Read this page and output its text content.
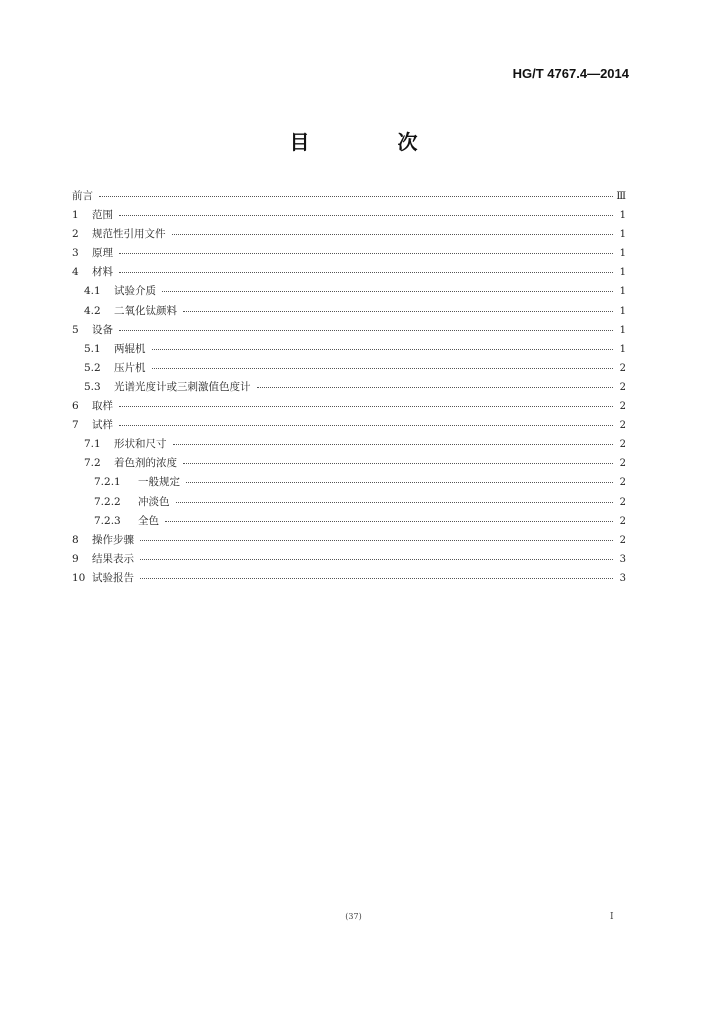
HG/T 4767.4—2014
目　次
前言	Ⅲ
1	范围	1
2	规范性引用文件	1
3	原理	1
4	材料	1
4.1	试验介质	1
4.2	二氧化钛颜料	1
5	设备	1
5.1	两辊机	1
5.2	压片机	2
5.3	光谱光度计或三刺激值色度计	2
6	取样	2
7	试样	2
7.1	形状和尺寸	2
7.2	着色剂的浓度	2
7.2.1	一般规定	2
7.2.2	冲淡色	2
7.2.3	全色	2
8	操作步骤	2
9	结果表示	3
10 试验报告	3
(37)	I
